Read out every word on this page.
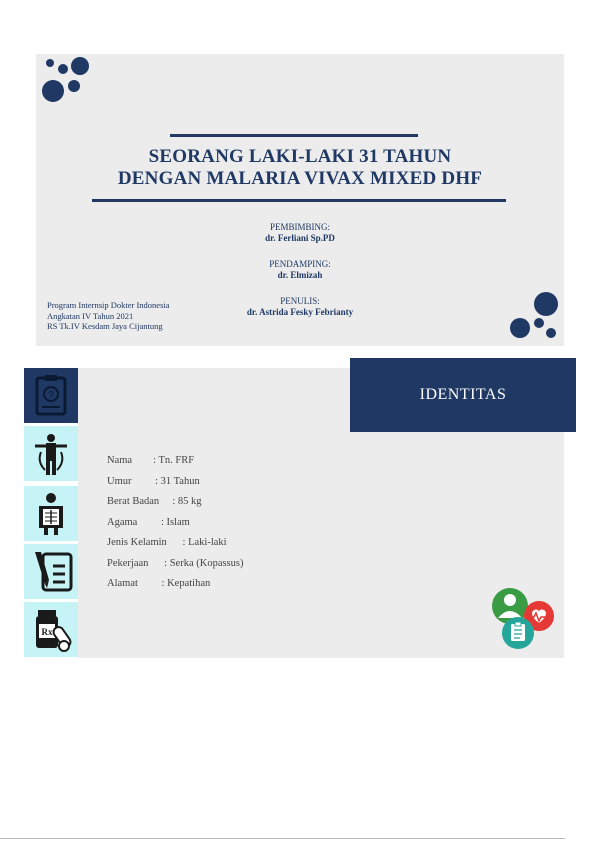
SEORANG LAKI-LAKI 31 TAHUN
DENGAN MALARIA VIVAX MIXED DHF
PEMBIMBING:
dr. Ferliani Sp.PD
PENDAMPING:
dr. Elmizah
PENULIS:
dr. Astrida Fesky Febrianty
Program Internsip Dokter Indonesia
Angkatan IV Tahun 2021
RS Tk.IV Kesdam Jaya Cijantung
?
Rx
IDENTITAS
Nama        : Tn. FRF
Umur         : 31 Tahun
Berat Badan     : 85 kg
Agama         : Islam
Jenis Kelamin      : Laki-laki
Pekerjaan      : Serka (Kopassus)
Alamat         : Kepatihan
